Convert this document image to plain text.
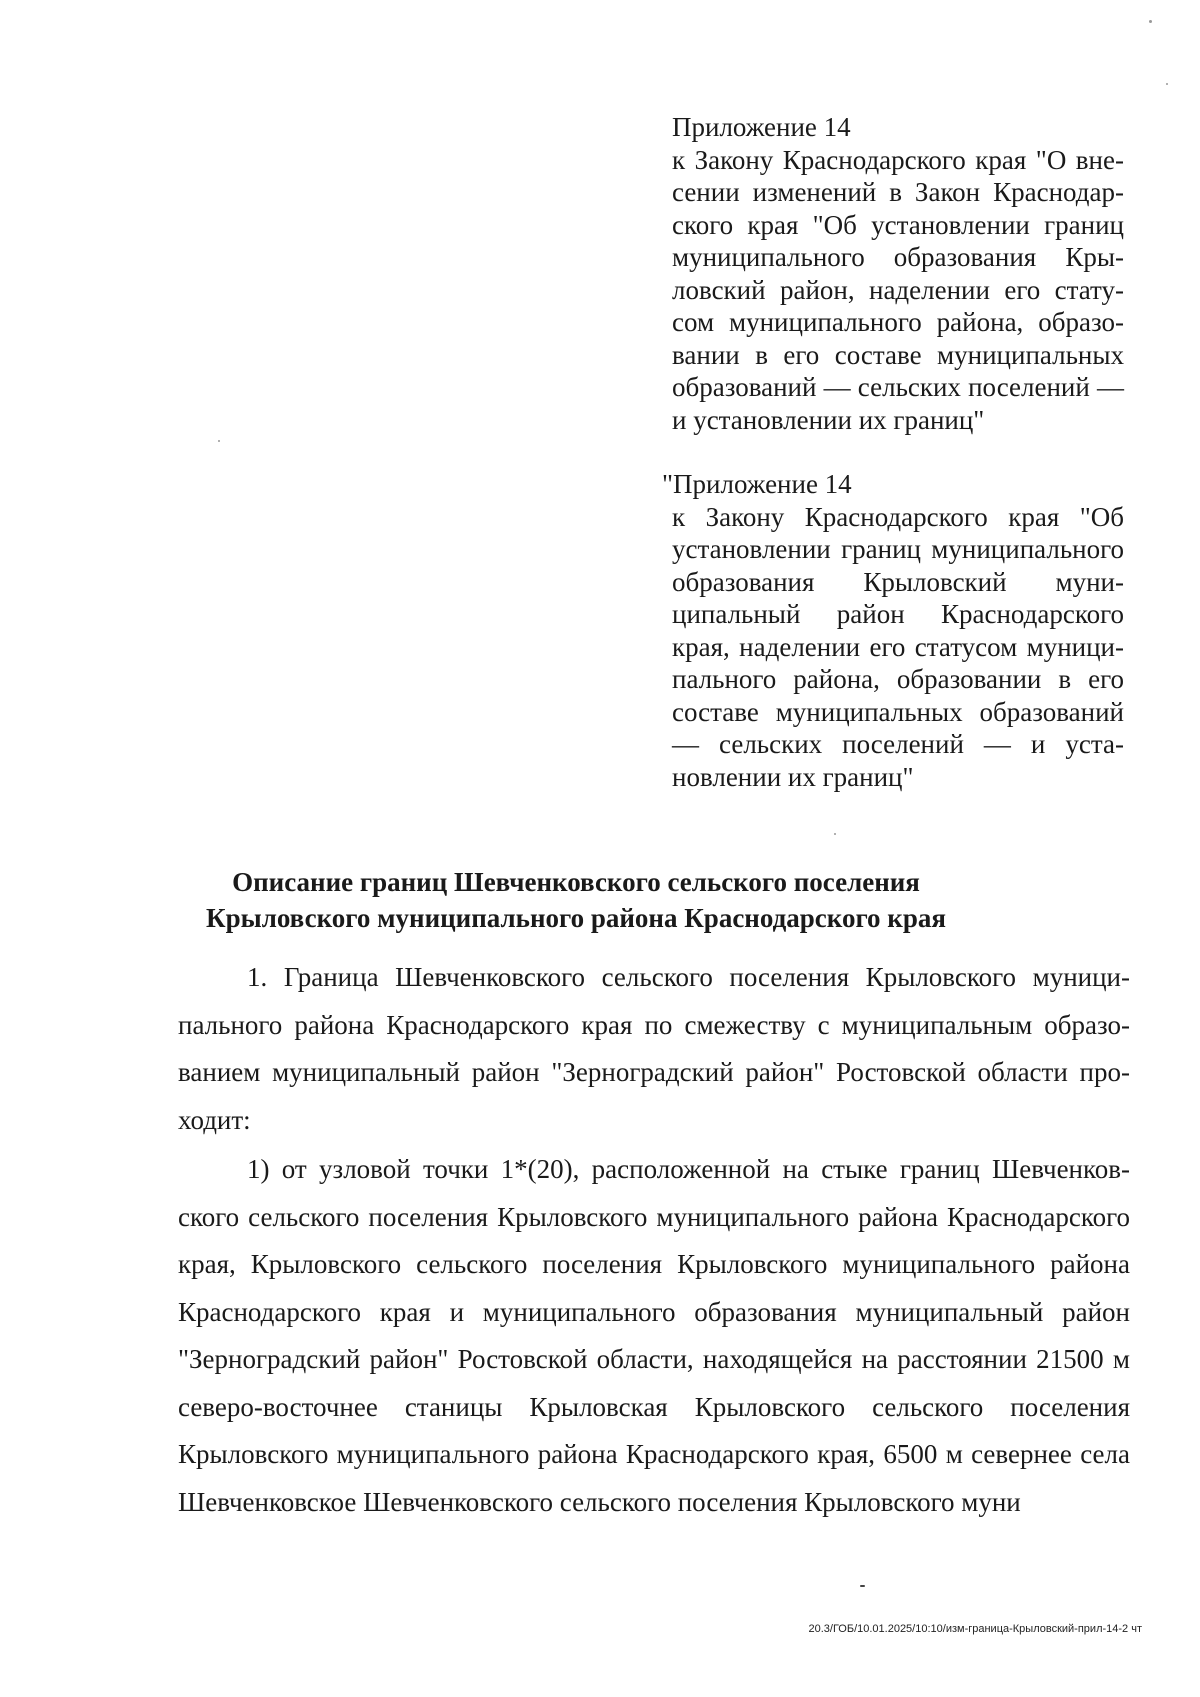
Приложение 14
к Закону Краснодарского края "О внесении изменений в Закон Краснодарского края "Об установлении границ муниципального образования Крыловский район, наделении его статусом муниципального района, образовании в его составе муниципальных образований — сельских поселений — и установлении их границ"
"Приложение 14
к Закону Краснодарского края "Об установлении границ муниципального образования Крыловский муниципальный район Краснодарского края, наделении его статусом муниципального района, образовании в его составе муниципальных образований — сельских поселений — и установлении их границ"
Описание границ Шевченковского сельского поселения
Крыловского муниципального района Краснодарского края

1. Граница Шевченковского сельского поселения Крыловского муниципального района Краснодарского края по смежеству с муниципальным образованием муниципальный район "Зерноградский район" Ростовской области проходит:

1) от узловой точки 1*(20), расположенной на стыке границ Шевченковского сельского поселения Крыловского муниципального района Краснодарского края, Крыловского сельского поселения Крыловского муниципального района Краснодарского края и муниципального образования муниципальный район "Зерноградский район" Ростовской области, находящейся на расстоянии 21500 м северо-восточнее станицы Крыловская Крыловского сельского поселения Крыловского муниципального района Краснодарского края, 6500 м севернее села Шевченковское Шевченковского сельского поселения Крыловского муни

20.3/ГОБ/10.01.2025/10:10/изм-граница-Крыловский-прил-14-2 чт
